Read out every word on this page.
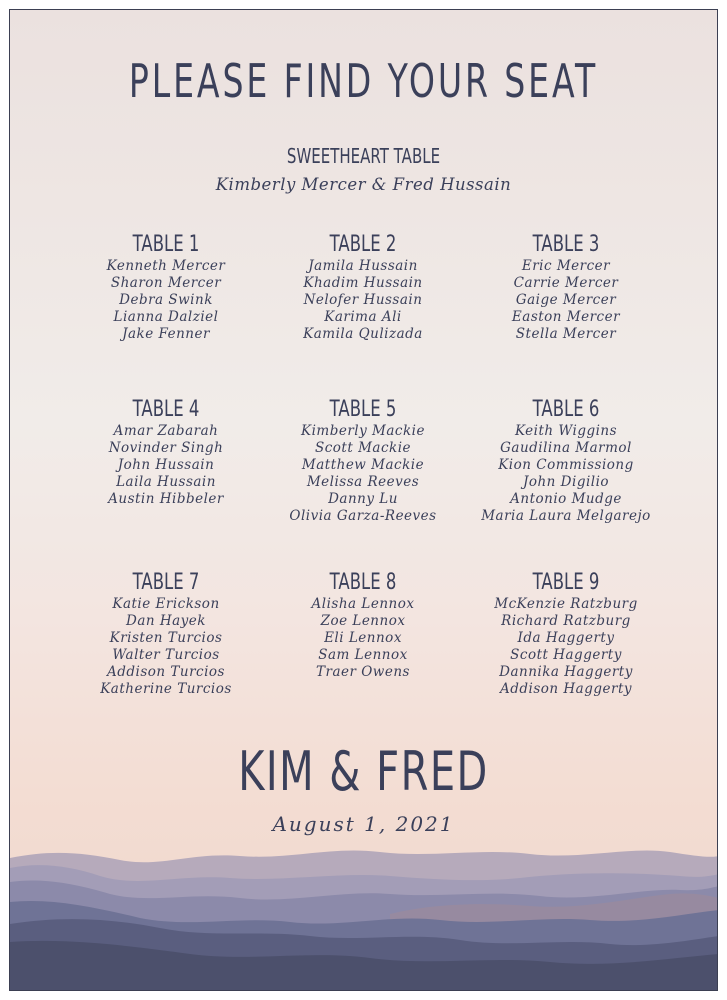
PLEASE FIND YOUR SEAT
SWEETHEART TABLE
Kimberly Mercer & Fred Hussain
TABLE 1
Kenneth Mercer
Sharon Mercer
Debra Swink
Lianna Dalziel
Jake Fenner
TABLE 2
Jamila Hussain
Khadim Hussain
Nelofer Hussain
Karima Ali
Kamila Qulizada
TABLE 3
Eric Mercer
Carrie Mercer
Gaige Mercer
Easton Mercer
Stella Mercer
TABLE 4
Amar Zabarah
Novinder Singh
John Hussain
Laila Hussain
Austin Hibbeler
TABLE 5
Kimberly Mackie
Scott Mackie
Matthew Mackie
Melissa Reeves
Danny Lu
Olivia Garza-Reeves
TABLE 6
Keith Wiggins
Gaudilina Marmol
Kion Commissiong
John Digilio
Antonio Mudge
Maria Laura Melgarejo
TABLE 7
Katie Erickson
Dan Hayek
Kristen Turcios
Walter Turcios
Addison Turcios
Katherine Turcios
TABLE 8
Alisha Lennox
Zoe Lennox
Eli Lennox
Sam Lennox
Traer Owens
TABLE 9
McKenzie Ratzburg
Richard Ratzburg
Ida Haggerty
Scott Haggerty
Dannika Haggerty
Addison Haggerty
KIM & FRED
August 1, 2021
